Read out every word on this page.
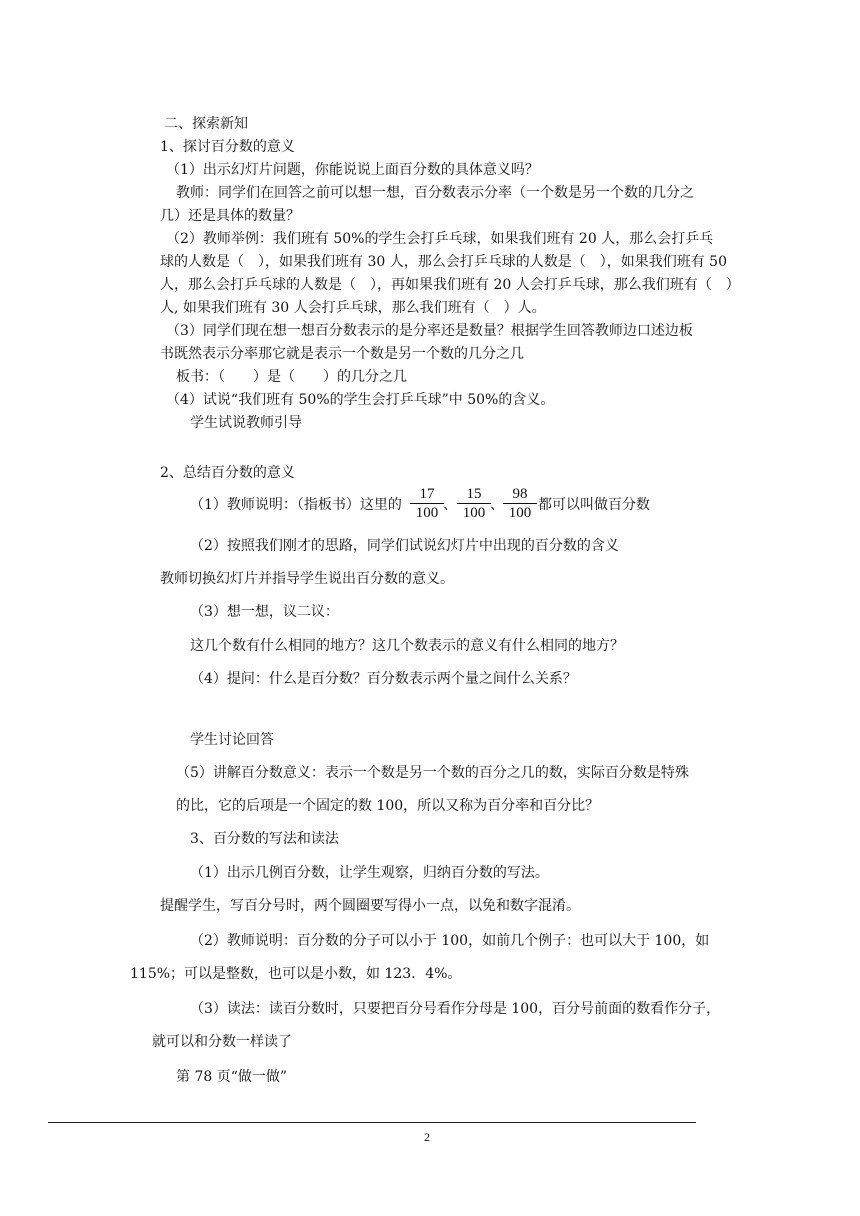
二、探索新知
1、探讨百分数的意义
（1）出示幻灯片问题，你能说说上面百分数的具体意义吗？
教师：同学们在回答之前可以想一想，百分数表示分率（一个数是另一个数的几分之
几）还是具体的数量？
（2）教师举例：我们班有 50%的学生会打乒乓球，如果我们班有 20 人，那么会打乒乓
球的人数是（　），如果我们班有 30 人，那么会打乒乓球的人数是（　），如果我们班有 50
人，那么会打乒乓球的人数是（　），再如果我们班有 20 人会打乒乓球，那么我们班有（　）
人, 如果我们班有 30 人会打乒乓球，那么我们班有（　）人。
（3）同学们现在想一想百分数表示的是分率还是数量？根据学生回答教师边口述边板
书既然表示分率那它就是表示一个数是另一个数的几分之几
板书：（　　）是（　　）的几分之几
（4）试说“我们班有 50%的学生会打乒乓球”中 50%的含义。
学生试说教师引导
2、总结百分数的意义
（1）教师说明：（指板书）这里的 $\frac{17}{100}$ 、 $\frac{15}{100}$ 、 $\frac{98}{100}$ 都可以叫做百分数
（2）按照我们刚才的思路，同学们试说幻灯片中出现的百分数的含义
教师切换幻灯片并指导学生说出百分数的意义。
（3）想一想，议二议：
这几个数有什么相同的地方？这几个数表示的意义有什么相同的地方？
（4）提问：什么是百分数？百分数表示两个量之间什么关系？
学生讨论回答
（5）讲解百分数意义：表示一个数是另一个数的百分之几的数，实际百分数是特殊
的比，它的后项是一个固定的数 100，所以又称为百分率和百分比？
3、百分数的写法和读法
（1）出示几例百分数，让学生观察，归纳百分数的写法。
提醒学生，写百分号时，两个圆圈要写得小一点，以免和数字混淆。
（2）教师说明：百分数的分子可以小于 100，如前几个例子：也可以大于 100，如
115%；可以是整数，也可以是小数，如 123．4%。
（3）读法：读百分数时，只要把百分号看作分母是 100，百分号前面的数看作分子，
就可以和分数一样读了
第 78 页“做一做”
2
